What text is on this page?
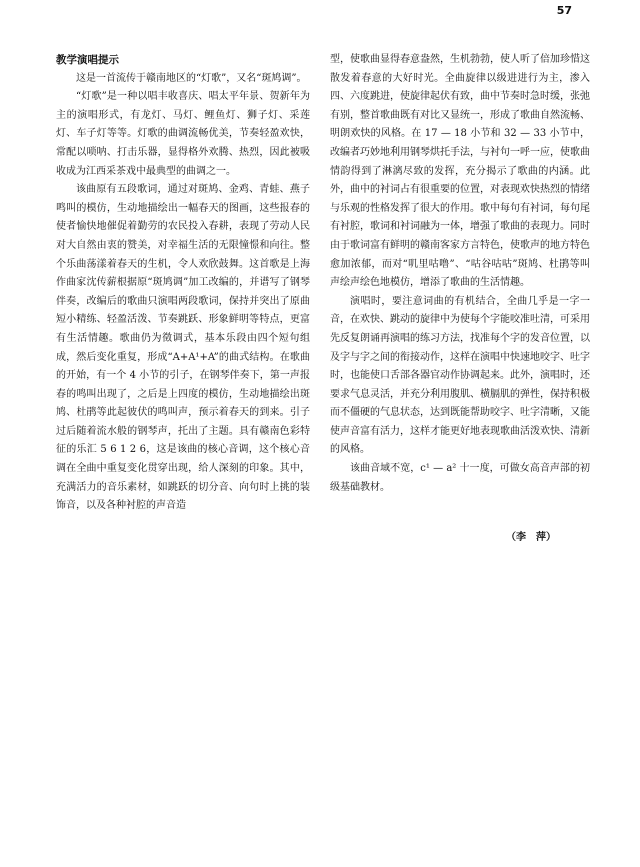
57
教学演唱提示

这是一首流传于赣南地区的“灯歌”，又名“斑鸠调”。

“灯歌”是一种以唱丰收喜庆、唱太平年景、贺新年为主的演唱形式，有龙灯、马灯、鲤鱼灯、狮子灯、采莲灯、车子灯等等。灯歌的曲调流畅优美，节奏轻盈欢快，常配以唢呐、打击乐器，显得格外欢腾、热烈，因此被吸收成为江西采茶戏中最典型的曲调之一。

该曲原有五段歌词，通过对斑鸠、金鸡、青蛙、燕子鸣叫的模仿，生动地描绘出一幅春天的图画，这些报春的使者愉快地催促着勤劳的农民投入春耕，表现了劳动人民对大自然由衷的赞美，对幸福生活的无限憧憬和向往。整个乐曲荡漾着春天的生机，令人欢欣鼓舞。这首歌是上海作曲家沈传薪根据原“斑鸠调”加工改编的，并谱写了钢琴伴奏，改编后的歌曲只演唱两段歌词，保持并突出了原曲短小精练、轻盈活泼、节奏跳跃、形象鲜明等特点，更富有生活情趣。歌曲仍为徵调式，基本乐段由四个短句组成，然后变化重复，形成“A+A¹+A”的曲式结构。在歌曲的开始，有一个 4 小节的引子，在钢琴伴奏下，第一声报春的鸣叫出现了，之后是上四度的模仿，生动地描绘出斑鸠、杜鹃等此起彼伏的鸣叫声，预示着春天的到来。引子过后随着流水般的钢琴声，托出了主题。具有赣南色彩特征的乐汇 5 6 1 2 6，这是该曲的核心音调，这个核心音调在全曲中重复变化贯穿出现，给人深刻的印象。其中，充满活力的音乐素材，如跳跃的切分音、向句时上挑的装饰音，以及各种衬腔的声音造

型，使歌曲显得春意盎然，生机勃勃，使人听了倍加珍惜这散发着春意的大好时光。全曲旋律以级进进行为主，渗入四、六度跳进，使旋律起伏有致，曲中节奏时急时缓，张弛有别，整首歌曲既有对比又显统一，形成了歌曲自然流畅、明朗欢快的风格。在 17 — 18 小节和 32 — 33 小节中，改编者巧妙地利用钢琴烘托手法，与衬句一呼一应，使歌曲情韵得到了淋漓尽致的发挥，充分揭示了歌曲的内涵。此外，曲中的衬词占有很重要的位置，对表现欢快热烈的情绪与乐观的性格发挥了很大的作用。歌中每句有衬词，每句尾有衬腔，歌词和衬词融为一体，增强了歌曲的表现力。同时由于歌词富有鲜明的赣南客家方言特色，使歌声的地方特色愈加浓郁，而对“叽里咕噜”、“咕谷咕咕”斑鸠、杜鹃等叫声绘声绘色地模仿，增添了歌曲的生活情趣。

演唱时，要注意词曲的有机结合，全曲几乎是一字一音，在欢快、跳动的旋律中为使每个字能咬准吐清，可采用先反复朗诵再演唱的练习方法，找准每个字的发音位置，以及字与字之间的衔接动作，这样在演唱中快速地咬字、吐字时，也能使口舌部各器官动作协调起来。此外，演唱时，还要求气息灵活，并充分利用腹肌、横膈肌的弹性，保持积极而不僵硬的气息状态，达到既能帮助咬字、吐字清晰，又能使声音富有活力，这样才能更好地表现歌曲活泼欢快、清新的风格。

该曲音域不宽，c¹ — a² 十一度，可做女高音声部的初级基础教材。

（李　萍）
